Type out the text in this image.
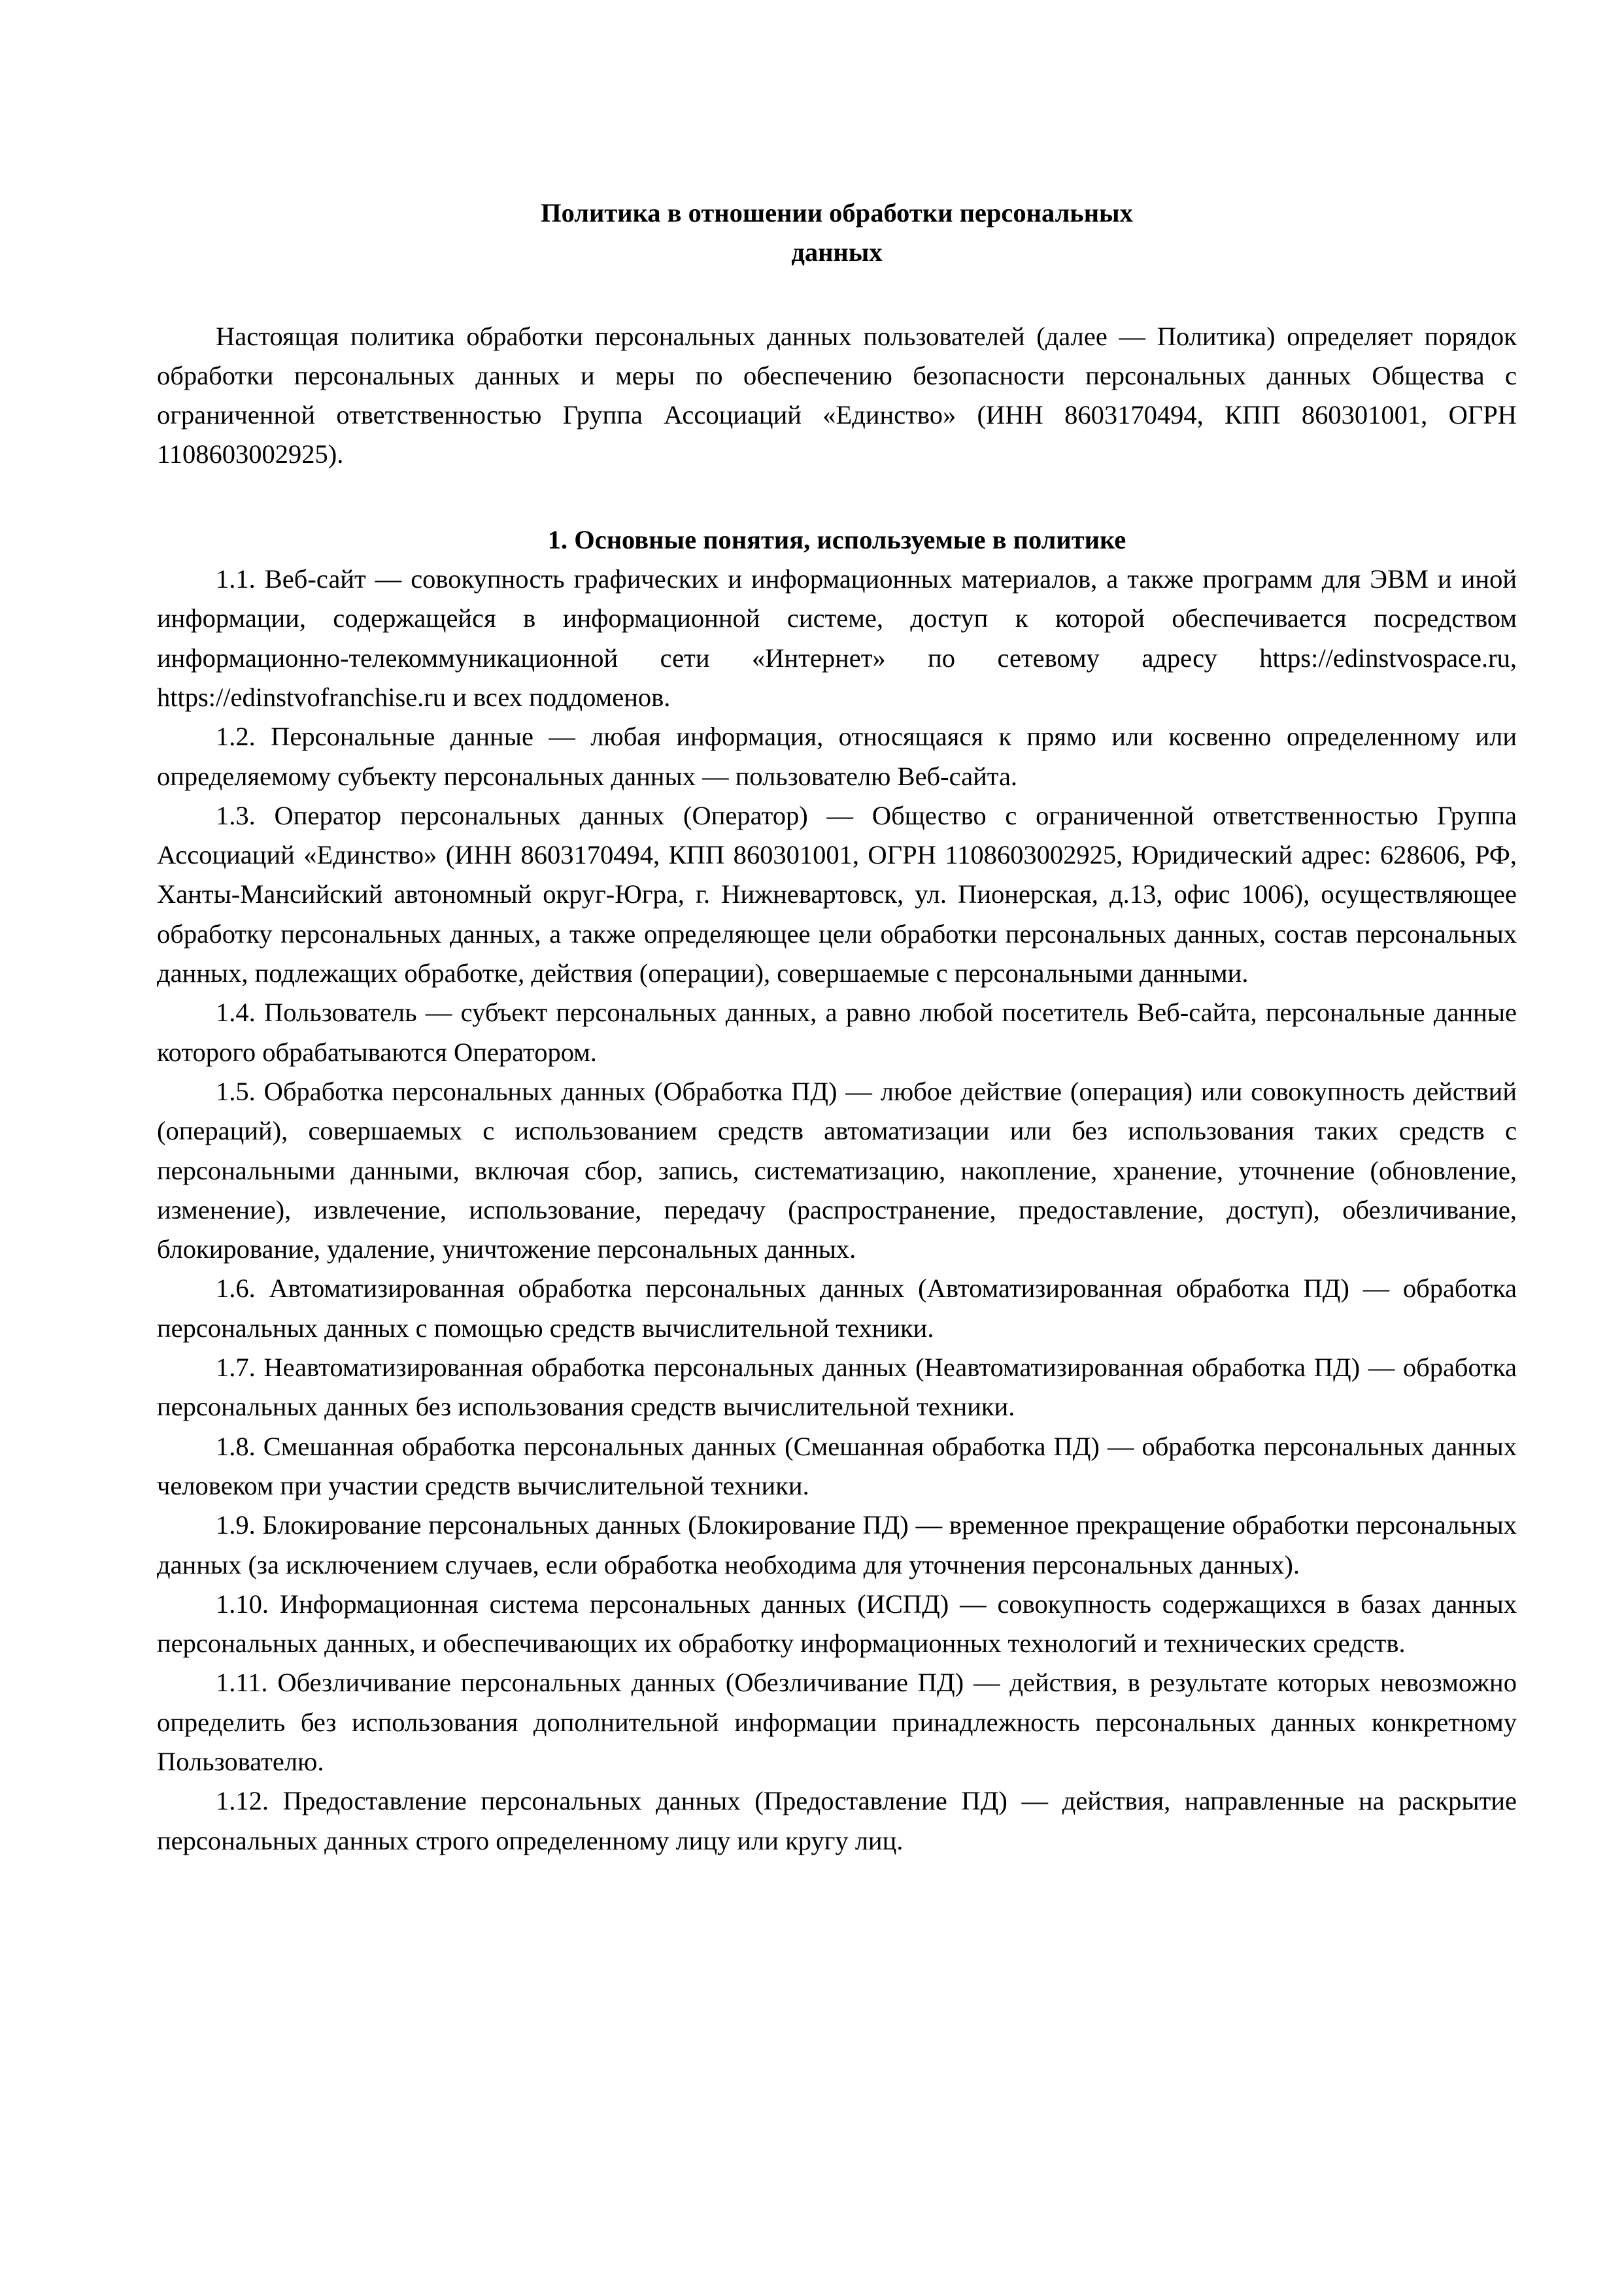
Политика в отношении обработки персональных данных

Настоящая политика обработки персональных данных пользователей (далее — Политика) определяет порядок обработки персональных данных и меры по обеспечению безопасности персональных данных Общества с ограниченной ответственностью Группа Ассоциаций «Единство» (ИНН 8603170494, КПП 860301001, ОГРН 1108603002925).

1. Основные понятия, используемые в политике

1.1. Веб-сайт — совокупность графических и информационных материалов, а также программ для ЭВМ и иной информации, содержащейся в информационной системе, доступ к которой обеспечивается посредством информационно-телекоммуникационной сети «Интернет» по сетевому адресу https://edinstvospace.ru, https://edinstvofranchise.ru и всех поддоменов.

1.2. Персональные данные — любая информация, относящаяся к прямо или косвенно определенному или определяемому субъекту персональных данных — пользователю Веб-сайта.

1.3. Оператор персональных данных (Оператор) — Общество с ограниченной ответственностью Группа Ассоциаций «Единство» (ИНН 8603170494, КПП 860301001, ОГРН 1108603002925, Юридический адрес: 628606, РФ, Ханты-Мансийский автономный округ-Югра, г. Нижневартовск, ул. Пионерская, д.13, офис 1006), осуществляющее обработку персональных данных, а также определяющее цели обработки персональных данных, состав персональных данных, подлежащих обработке, действия (операции), совершаемые с персональными данными.

1.4. Пользователь — субъект персональных данных, а равно любой посетитель Веб-сайта, персональные данные которого обрабатываются Оператором.

1.5. Обработка персональных данных (Обработка ПД) — любое действие (операция) или совокупность действий (операций), совершаемых с использованием средств автоматизации или без использования таких средств с персональными данными, включая сбор, запись, систематизацию, накопление, хранение, уточнение (обновление, изменение), извлечение, использование, передачу (распространение, предоставление, доступ), обезличивание, блокирование, удаление, уничтожение персональных данных.

1.6. Автоматизированная обработка персональных данных (Автоматизированная обработка ПД) — обработка персональных данных с помощью средств вычислительной техники.

1.7. Неавтоматизированная обработка персональных данных (Неавтоматизированная обработка ПД) — обработка персональных данных без использования средств вычислительной техники.

1.8. Смешанная обработка персональных данных (Смешанная обработка ПД) — обработка персональных данных человеком при участии средств вычислительной техники.

1.9. Блокирование персональных данных (Блокирование ПД) — временное прекращение обработки персональных данных (за исключением случаев, если обработка необходима для уточнения персональных данных).

1.10. Информационная система персональных данных (ИСПД) — совокупность содержащихся в базах данных персональных данных, и обеспечивающих их обработку информационных технологий и технических средств.

1.11. Обезличивание персональных данных (Обезличивание ПД) — действия, в результате которых невозможно определить без использования дополнительной информации принадлежность персональных данных конкретному Пользователю.

1.12. Предоставление персональных данных (Предоставление ПД) — действия, направленные на раскрытие персональных данных строго определенному лицу или кругу лиц.
